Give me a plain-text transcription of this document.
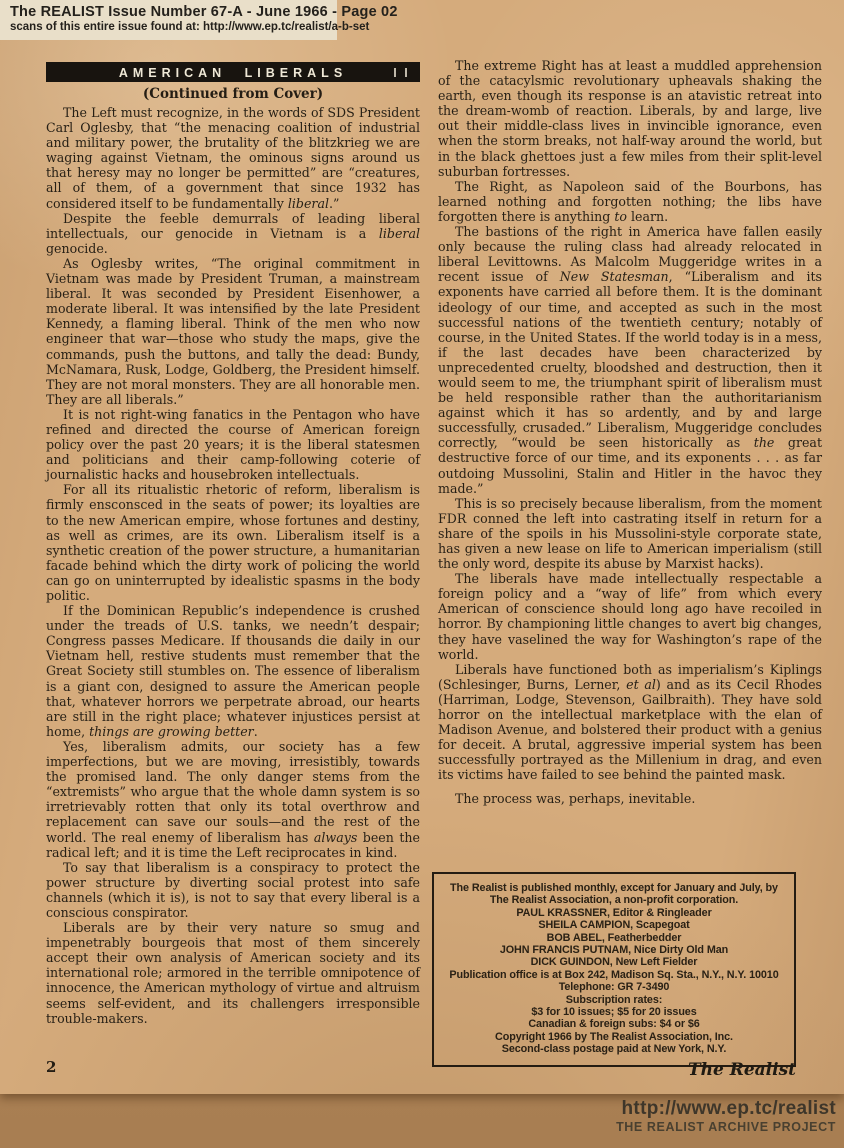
The REALIST Issue Number 67-A - June 1966 - Page 02
scans of this entire issue found at: http://www.ep.tc/realist/a-b-set
AMERICAN LIBERALS
(Continued from Cover)

The Left must recognize, in the words of SDS President Carl Oglesby, that “the menacing coalition of industrial and military power, the brutality of the blitzkrieg we are waging against Vietnam, the ominous signs around us that heresy may no longer be permitted” are “creatures, all of them, of a government that since 1932 has considered itself to be fundamentally liberal.”

Despite the feeble demurrals of leading liberal intellectuals, our genocide in Vietnam is a liberal genocide.

As Oglesby writes, “The original commitment in Vietnam was made by President Truman, a mainstream liberal. It was seconded by President Eisenhower, a moderate liberal. It was intensified by the late President Kennedy, a flaming liberal. Think of the men who now engineer that war—those who study the maps, give the commands, push the buttons, and tally the dead: Bundy, McNamara, Rusk, Lodge, Goldberg, the President himself. They are not moral monsters. They are all honorable men. They are all liberals.”

It is not right-wing fanatics in the Pentagon who have refined and directed the course of American foreign policy over the past 20 years; it is the liberal statesmen and politicians and their camp-following coterie of journalistic hacks and housebroken intellectuals.

For all its ritualistic rhetoric of reform, liberalism is firmly ensconsced in the seats of power; its loyalties are to the new American empire, whose fortunes and destiny, as well as crimes, are its own. Liberalism itself is a synthetic creation of the power structure, a humanitarian facade behind which the dirty work of policing the world can go on uninterrupted by idealistic spasms in the body politic.

If the Dominican Republic’s independence is crushed under the treads of U.S. tanks, we needn’t despair; Congress passes Medicare. If thousands die daily in our Vietnam hell, restive students must remember that the Great Society still stumbles on. The essence of liberalism is a giant con, designed to assure the American people that, whatever horrors we perpetrate abroad, our hearts are still in the right place; whatever injustices persist at home, things are growing better.

Yes, liberalism admits, our society has a few imperfections, but we are moving, irresistibly, towards the promised land. The only danger stems from the “extremists” who argue that the whole damn system is so irretrievably rotten that only its total overthrow and replacement can save our souls—and the rest of the world. The real enemy of liberalism has always been the radical left; and it is time the Left reciprocates in kind.

To say that liberalism is a conspiracy to protect the power structure by diverting social protest into safe channels (which it is), is not to say that every liberal is a conscious conspirator.

Liberals are by their very nature so smug and impenetrably bourgeois that most of them sincerely accept their own analysis of American society and its international role; armored in the terrible omnipotence of innocence, the American mythology of virtue and altruism seems self-evident, and its challengers irresponsible trouble-makers.

The extreme Right has at least a muddled apprehension of the catacylsmic revolutionary upheavals shaking the earth, even though its response is an atavistic retreat into the dream-womb of reaction. Liberals, by and large, live out their middle-class lives in invincible ignorance, even when the storm breaks, not half-way around the world, but in the black ghettoes just a few miles from their split-level suburban fortresses.

The Right, as Napoleon said of the Bourbons, has learned nothing and forgotten nothing; the libs have forgotten there is anything to learn.

The bastions of the right in America have fallen easily only because the ruling class had already relocated in liberal Levittowns. As Malcolm Muggeridge writes in a recent issue of New Statesman, “Liberalism and its exponents have carried all before them. It is the dominant ideology of our time, and accepted as such in the most successful nations of the twentieth century; notably of course, in the United States. If the world today is in a mess, if the last decades have been characterized by unprecedented cruelty, bloodshed and destruction, then it would seem to me, the triumphant spirit of liberalism must be held responsible rather than the authoritarianism against which it has so ardently, and by and large successfully, crusaded.” Liberalism, Muggeridge concludes correctly, “would be seen historically as the great destructive force of our time, and its exponents . . . as far outdoing Mussolini, Stalin and Hitler in the havoc they made.”

This is so precisely because liberalism, from the moment FDR conned the left into castrating itself in return for a share of the spoils in his Mussolini-style corporate state, has given a new lease on life to American imperialism (still the only word, despite its abuse by Marxist hacks).

The liberals have made intellectually respectable a foreign policy and a “way of life” from which every American of conscience should long ago have recoiled in horror. By championing little changes to avert big changes, they have vaselined the way for Washington’s rape of the world.

Liberals have functioned both as imperialism’s Kiplings (Schlesinger, Burns, Lerner, et al) and as its Cecil Rhodes (Harriman, Lodge, Stevenson, Gailbraith). They have sold horror on the intellectual marketplace with the elan of Madison Avenue, and bolstered their product with a genius for deceit. A brutal, aggressive imperial system has been successfully portrayed as the Millenium in drag, and even its victims have failed to see behind the painted mask.

The process was, perhaps, inevitable.

The Realist is published monthly, except for January and July, by
The Realist Association, a non-profit corporation.
PAUL KRASSNER, Editor & Ringleader
SHEILA CAMPION, Scapegoat
BOB ABEL, Featherbedder
JOHN FRANCIS PUTNAM, Nice Dirty Old Man
DICK GUINDON, New Left Fielder
Publication office is at Box 242, Madison Sq. Sta., N.Y., N.Y. 10010
Telephone: GR 7-3490
Subscription rates:
$3 for 10 issues; $5 for 20 issues
Canadian & foreign subs: $4 or $6
Copyright 1966 by The Realist Association, Inc.
Second-class postage paid at New York, N.Y.
2	The Realist
http://www.ep.tc/realist
THE REALIST ARCHIVE PROJECT
